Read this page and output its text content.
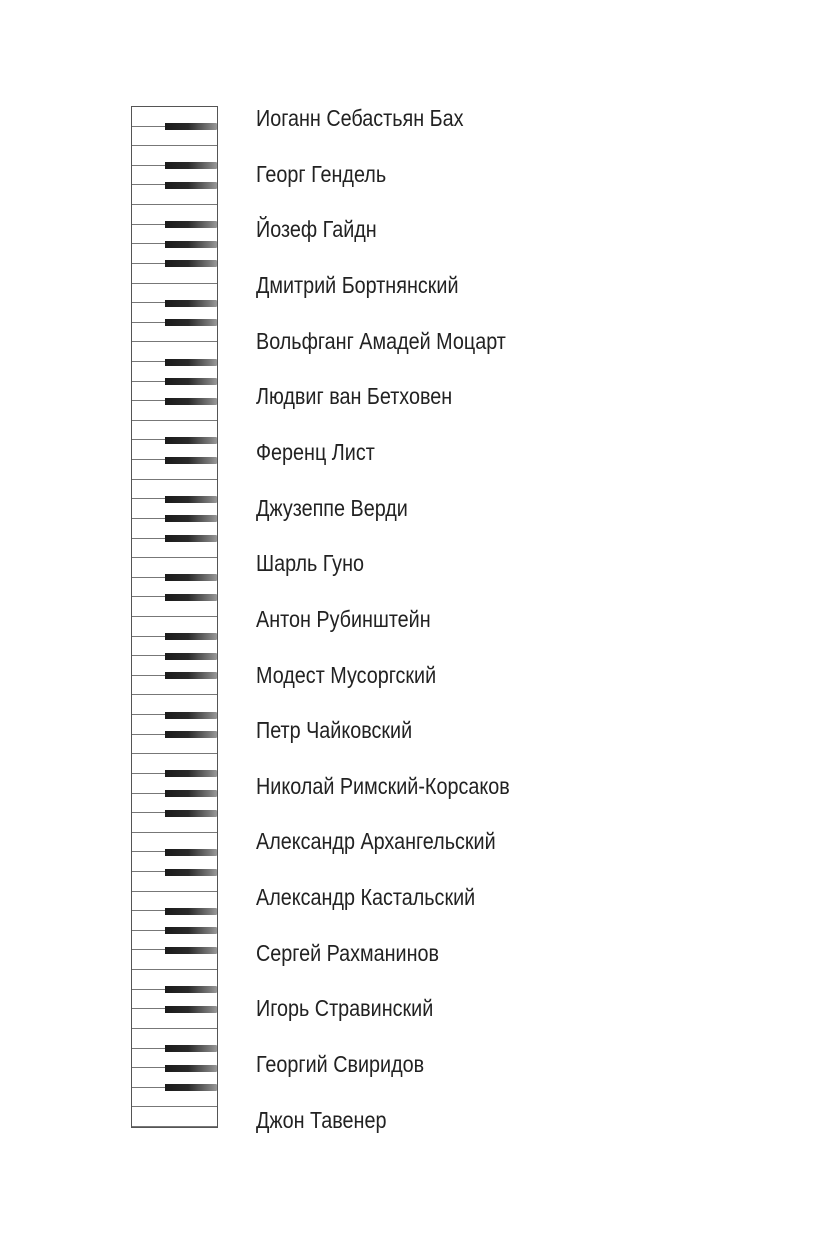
Иоганн Себастьян Бах
Георг Гендель
Йозеф Гайдн
Дмитрий Бортнянский
Вольфганг Амадей Моцарт
Людвиг ван Бетховен
Ференц Лист
Джузеппе Верди
Шарль Гуно
Антон Рубинштейн
Модест Мусоргский
Петр Чайковский
Николай Римский-Корсаков
Александр Архангельский
Александр Кастальский
Сергей Рахманинов
Игорь Стравинский
Георгий Свиридов
Джон Тавенер
